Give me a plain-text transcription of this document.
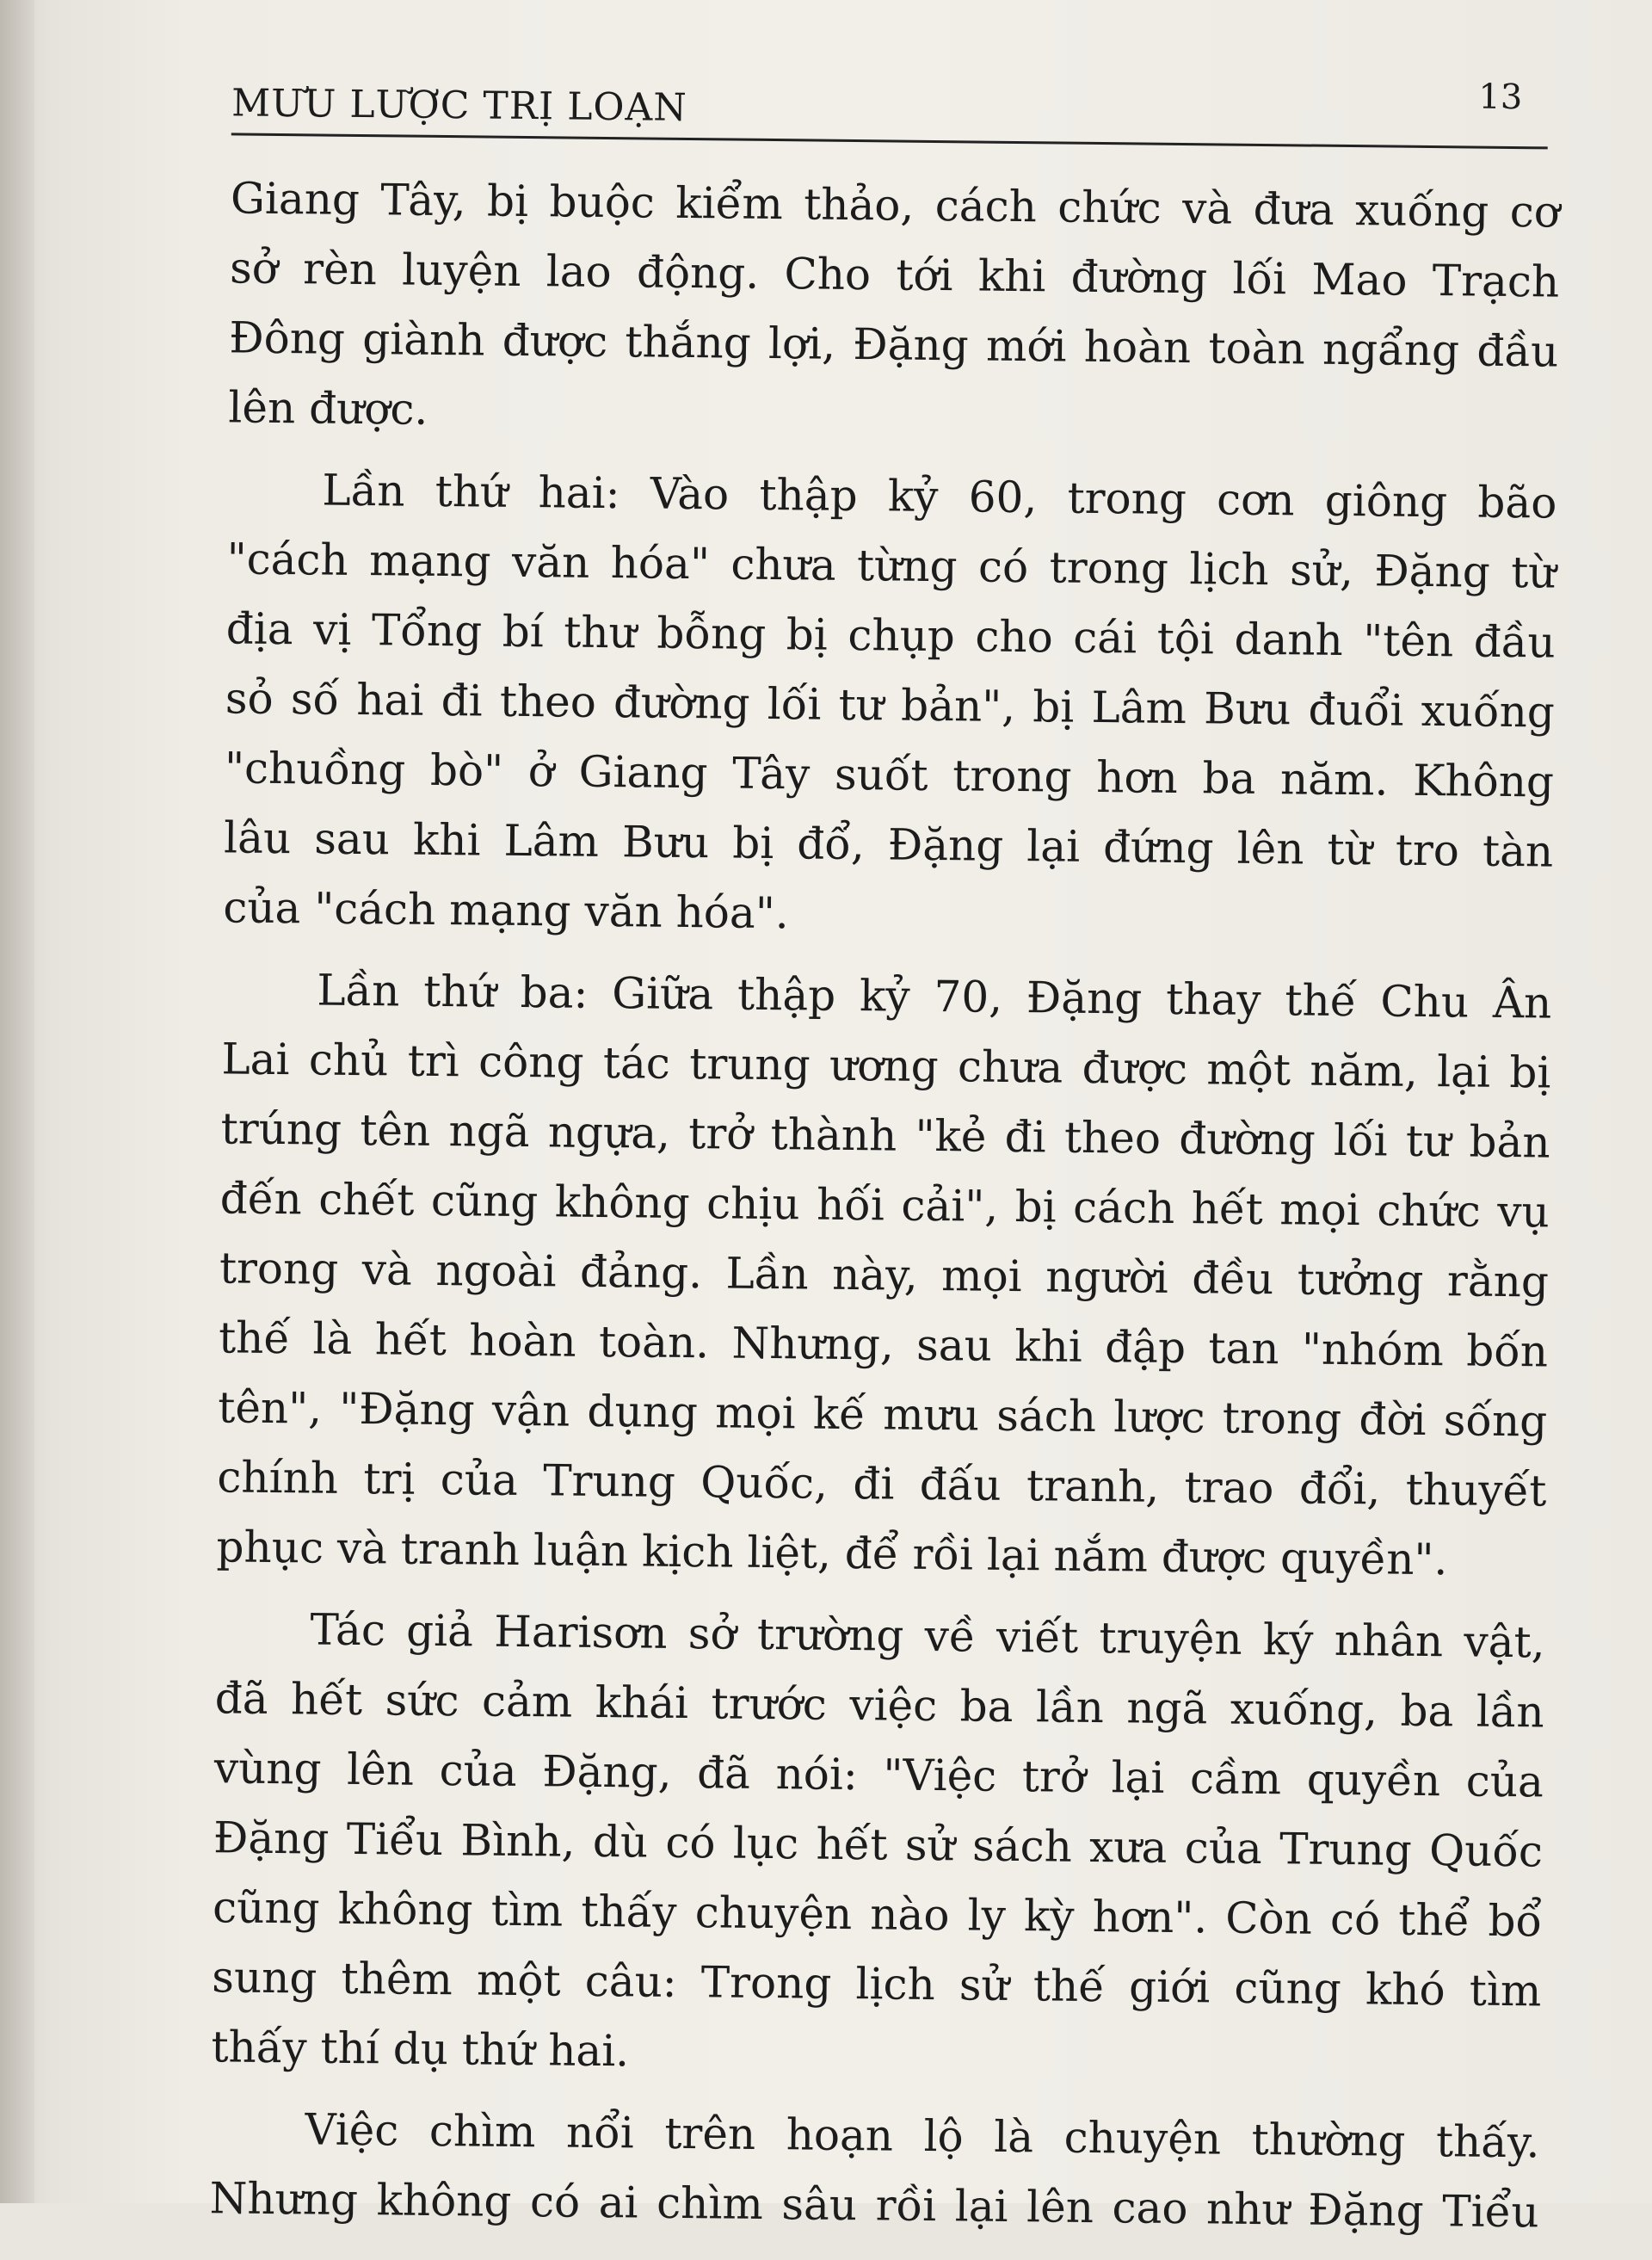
MƯU LƯỢC TRỊ LOẠN	13
Giang Tây, bị buộc kiểm thảo, cách chức và đưa xuống cơ
sở rèn luyện lao động. Cho tới khi đường lối Mao Trạch
Đông giành được thắng lợi, Đặng mới hoàn toàn ngẩng đầu
lên được.
Lần thứ hai: Vào thập kỷ 60, trong cơn giông bão
"cách mạng văn hóa" chưa từng có trong lịch sử, Đặng từ
địa vị Tổng bí thư bỗng bị chụp cho cái tội danh "tên đầu
sỏ số hai đi theo đường lối tư bản", bị Lâm Bưu đuổi xuống
"chuồng bò" ở Giang Tây suốt trong hơn ba năm. Không
lâu sau khi Lâm Bưu bị đổ, Đặng lại đứng lên từ tro tàn
của "cách mạng văn hóa".
Lần thứ ba: Giữa thập kỷ 70, Đặng thay thế Chu Ân
Lai chủ trì công tác trung ương chưa được một năm, lại bị
trúng tên ngã ngựa, trở thành "kẻ đi theo đường lối tư bản
đến chết cũng không chịu hối cải", bị cách hết mọi chức vụ
trong và ngoài đảng. Lần này, mọi người đều tưởng rằng
thế là hết hoàn toàn. Nhưng, sau khi đập tan "nhóm bốn
tên", "Đặng vận dụng mọi kế mưu sách lược trong đời sống
chính trị của Trung Quốc, đi đấu tranh, trao đổi, thuyết
phục và tranh luận kịch liệt, để rồi lại nắm được quyền".
Tác giả Harisơn sở trường về viết truyện ký nhân vật,
đã hết sức cảm khái trước việc ba lần ngã xuống, ba lần
vùng lên của Đặng, đã nói: "Việc trở lại cầm quyền của
Đặng Tiểu Bình, dù có lục hết sử sách xưa của Trung Quốc
cũng không tìm thấy chuyện nào ly kỳ hơn". Còn có thể bổ
sung thêm một câu: Trong lịch sử thế giới cũng khó tìm
thấy thí dụ thứ hai.
Việc chìm nổi trên hoạn lộ là chuyện thường thấy.
Nhưng không có ai chìm sâu rồi lại lên cao như Đặng Tiểu
